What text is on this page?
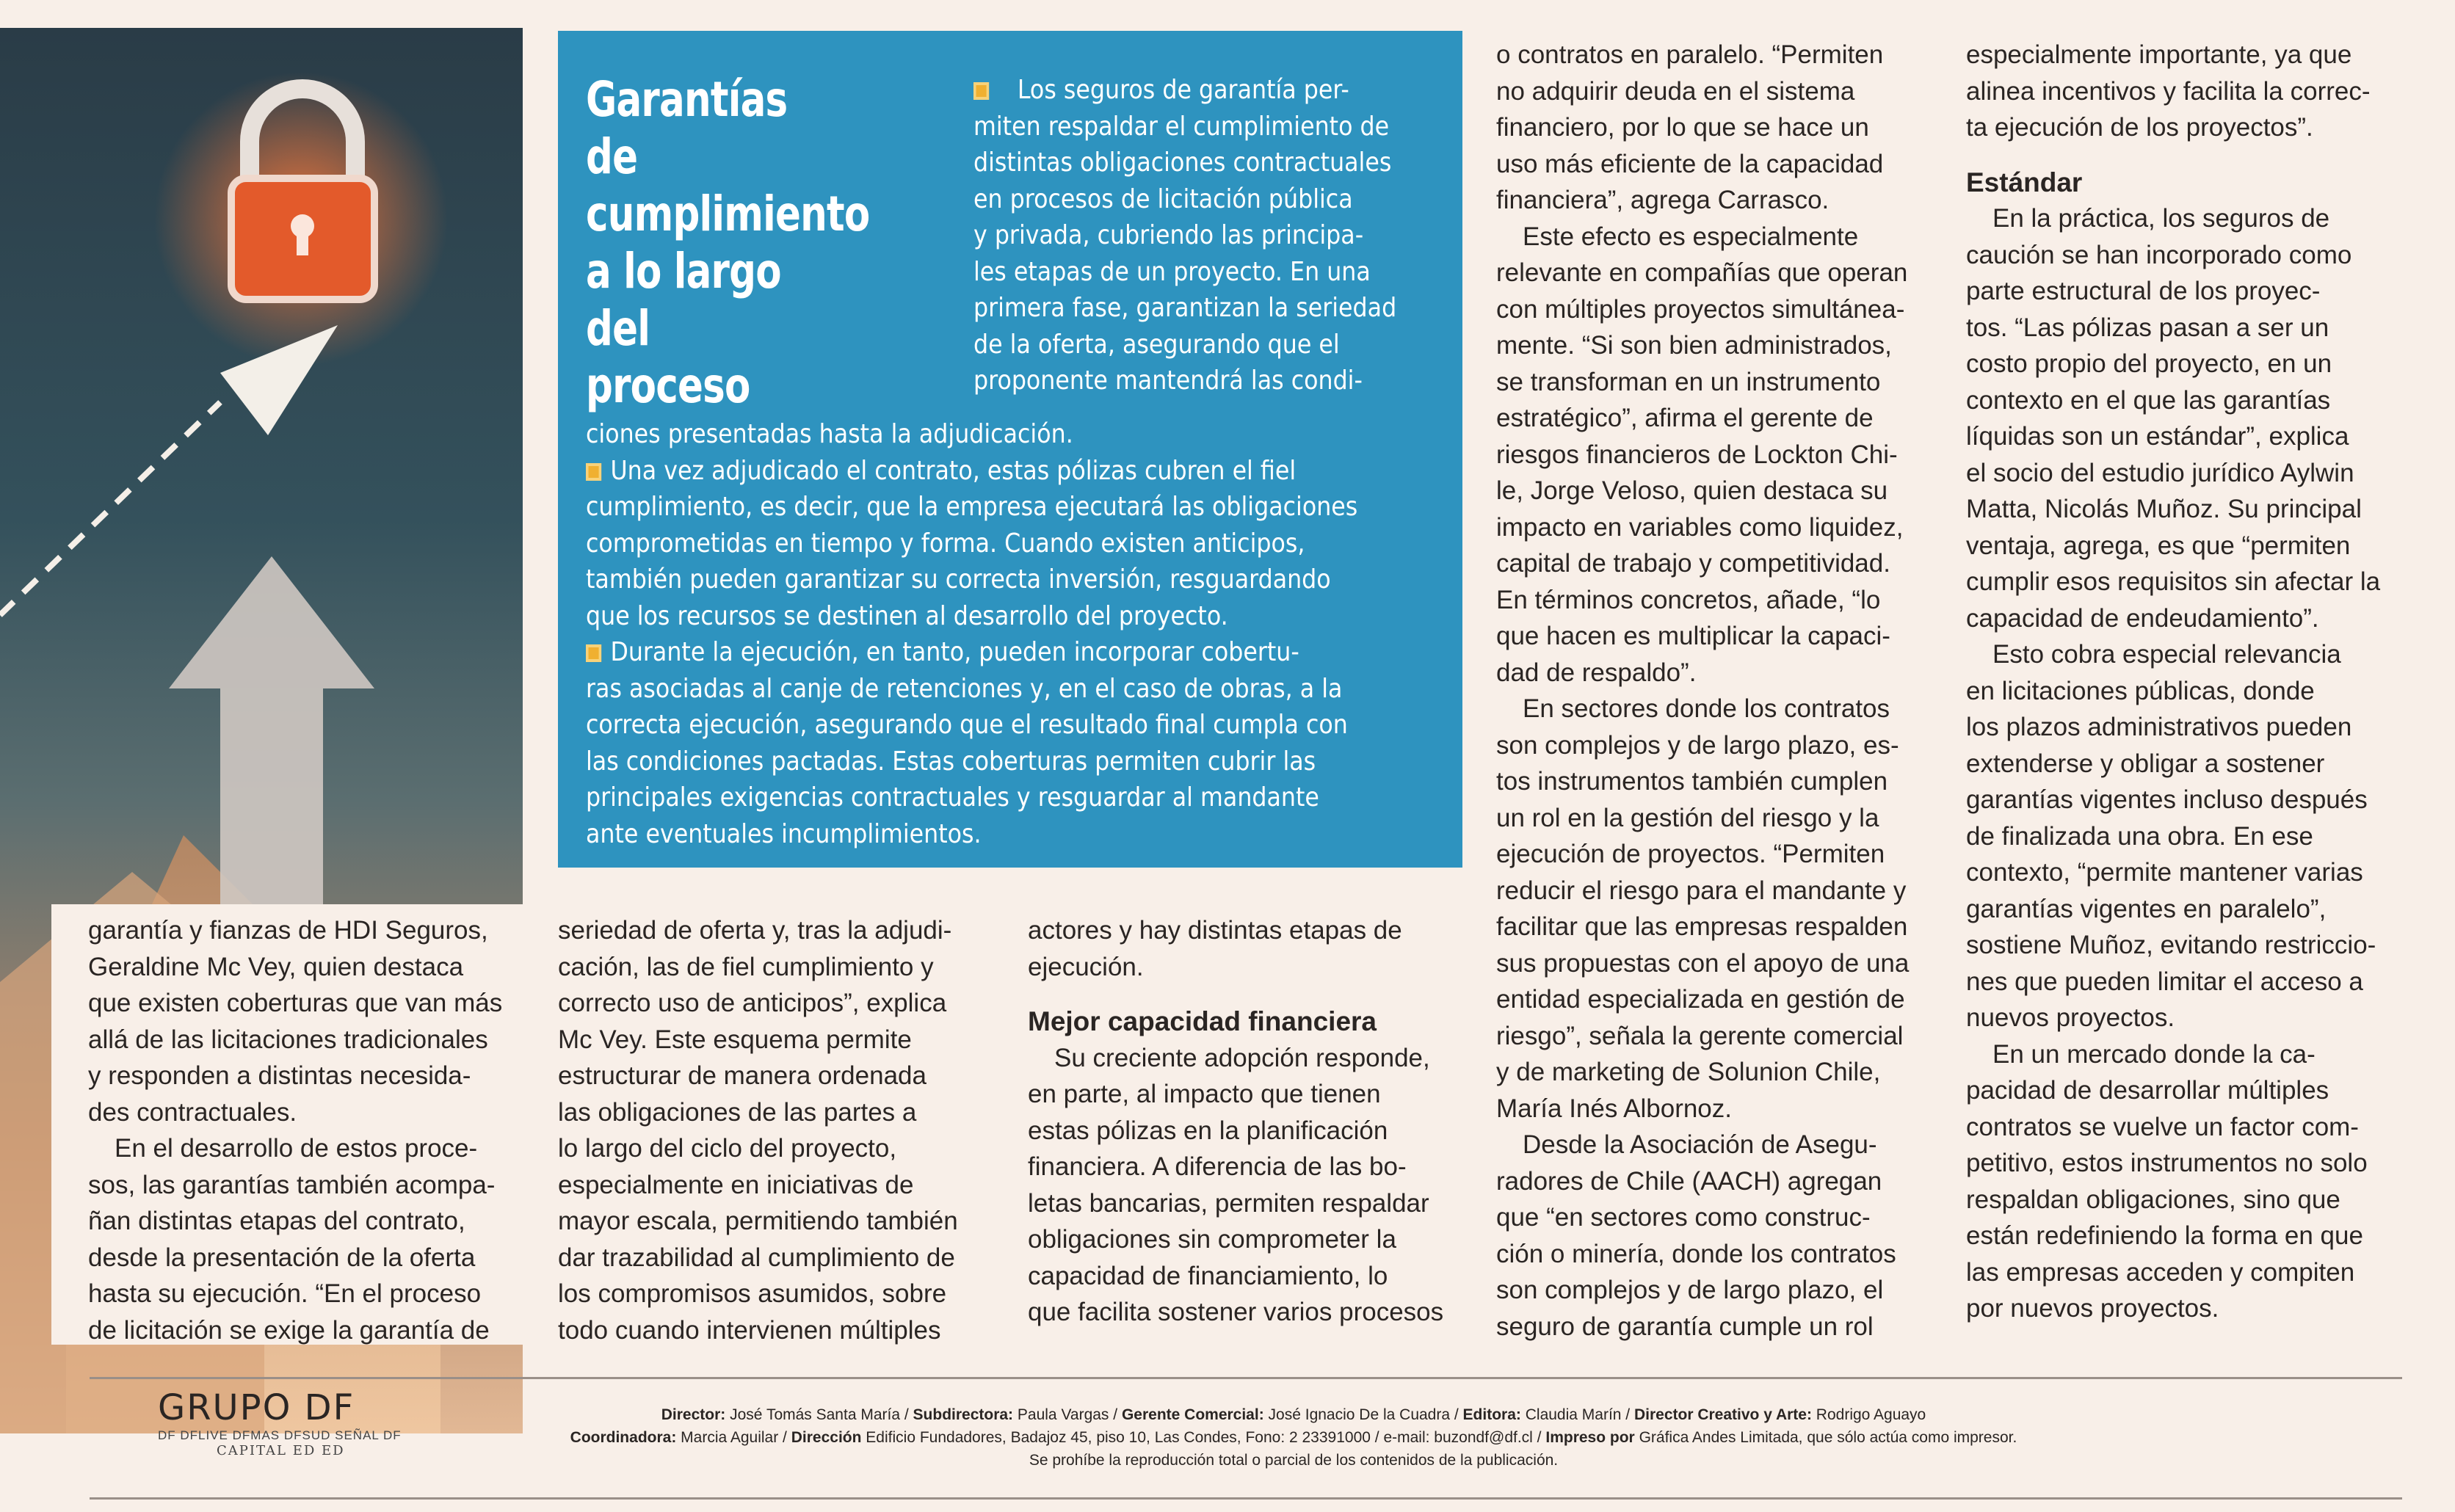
Garantías de
cumplimiento
a lo largo del
proceso
Los seguros de garantía per-
miten respaldar el cumplimiento de
distintas obligaciones contractuales
en procesos de licitación pública
y privada, cubriendo las principa-
les etapas de un proyecto. En una
primera fase, garantizan la seriedad
de la oferta, asegurando que el
proponente mantendrá las condi-
ciones presentadas hasta la adjudicación.
Una vez adjudicado el contrato, estas pólizas cubren el fiel
cumplimiento, es decir, que la empresa ejecutará las obligaciones
comprometidas en tiempo y forma. Cuando existen anticipos,
también pueden garantizar su correcta inversión, resguardando
que los recursos se destinen al desarrollo del proyecto.
Durante la ejecución, en tanto, pueden incorporar cobertu-
ras asociadas al canje de retenciones y, en el caso de obras, a la
correcta ejecución, asegurando que el resultado final cumpla con
las condiciones pactadas. Estas coberturas permiten cubrir las
principales exigencias contractuales y resguardar al mandante
ante eventuales incumplimientos.
garantía y fianzas de HDI Seguros,
Geraldine Mc Vey, quien destaca
que existen coberturas que van más
allá de las licitaciones tradicionales
y responden a distintas necesida-
des contractuales.
En el desarrollo de estos proce-
sos, las garantías también acompa-
ñan distintas etapas del contrato,
desde la presentación de la oferta
hasta su ejecución. “En el proceso
de licitación se exige la garantía de
seriedad de oferta y, tras la adjudi-
cación, las de fiel cumplimiento y
correcto uso de anticipos”, explica
Mc Vey. Este esquema permite
estructurar de manera ordenada
las obligaciones de las partes a
lo largo del ciclo del proyecto,
especialmente en iniciativas de
mayor escala, permitiendo también
dar trazabilidad al cumplimiento de
los compromisos asumidos, sobre
todo cuando intervienen múltiples
actores y hay distintas etapas de
ejecución.
Mejor capacidad financiera
Su creciente adopción responde,
en parte, al impacto que tienen
estas pólizas en la planificación
financiera. A diferencia de las bo-
letas bancarias, permiten respaldar
obligaciones sin comprometer la
capacidad de financiamiento, lo
que facilita sostener varios procesos
o contratos en paralelo. “Permiten
no adquirir deuda en el sistema
financiero, por lo que se hace un
uso más eficiente de la capacidad
financiera”, agrega Carrasco.
Este efecto es especialmente
relevante en compañías que operan
con múltiples proyectos simultánea-
mente. “Si son bien administrados,
se transforman en un instrumento
estratégico”, afirma el gerente de
riesgos financieros de Lockton Chi-
le, Jorge Veloso, quien destaca su
impacto en variables como liquidez,
capital de trabajo y competitividad.
En términos concretos, añade, “lo
que hacen es multiplicar la capaci-
dad de respaldo”.
En sectores donde los contratos
son complejos y de largo plazo, es-
tos instrumentos también cumplen
un rol en la gestión del riesgo y la
ejecución de proyectos. “Permiten
reducir el riesgo para el mandante y
facilitar que las empresas respalden
sus propuestas con el apoyo de una
entidad especializada en gestión de
riesgo”, señala la gerente comercial
y de marketing de Solunion Chile,
María Inés Albornoz.
Desde la Asociación de Asegu-
radores de Chile (AACH) agregan
que “en sectores como construc-
ción o minería, donde los contratos
son complejos y de largo plazo, el
seguro de garantía cumple un rol
especialmente importante, ya que
alinea incentivos y facilita la correc-
ta ejecución de los proyectos”.
Estándar
En la práctica, los seguros de
caución se han incorporado como
parte estructural de los proyec-
tos. “Las pólizas pasan a ser un
costo propio del proyecto, en un
contexto en el que las garantías
líquidas son un estándar”, explica
el socio del estudio jurídico Aylwin
Matta, Nicolás Muñoz. Su principal
ventaja, agrega, es que “permiten
cumplir esos requisitos sin afectar la
capacidad de endeudamiento”.
Esto cobra especial relevancia
en licitaciones públicas, donde
los plazos administrativos pueden
extenderse y obligar a sostener
garantías vigentes incluso después
de finalizada una obra. En ese
contexto, “permite mantener varias
garantías vigentes en paralelo”,
sostiene Muñoz, evitando restriccio-
nes que pueden limitar el acceso a
nuevos proyectos.
En un mercado donde la ca-
pacidad de desarrollar múltiples
contratos se vuelve un factor com-
petitivo, estos instrumentos no solo
respaldan obligaciones, sino que
están redefiniendo la forma en que
las empresas acceden y compiten
por nuevos proyectos.
GRUPO DF
DF DFLIVE DFMAS DFSUD SEÑAL DF
CAPITAL ED ED
Director: José Tomás Santa María / Subdirectora: Paula Vargas / Gerente Comercial: José Ignacio De la Cuadra / Editora: Claudia Marín / Director Creativo y Arte: Rodrigo Aguayo
Coordinadora: Marcia Aguilar / Dirección Edificio Fundadores, Badajoz 45, piso 10, Las Condes, Fono: 2 23391000 / e-mail: buzondf@df.cl / Impreso por Gráfica Andes Limitada, que sólo actúa como impresor.
Se prohíbe la reproducción total o parcial de los contenidos de la publicación.
